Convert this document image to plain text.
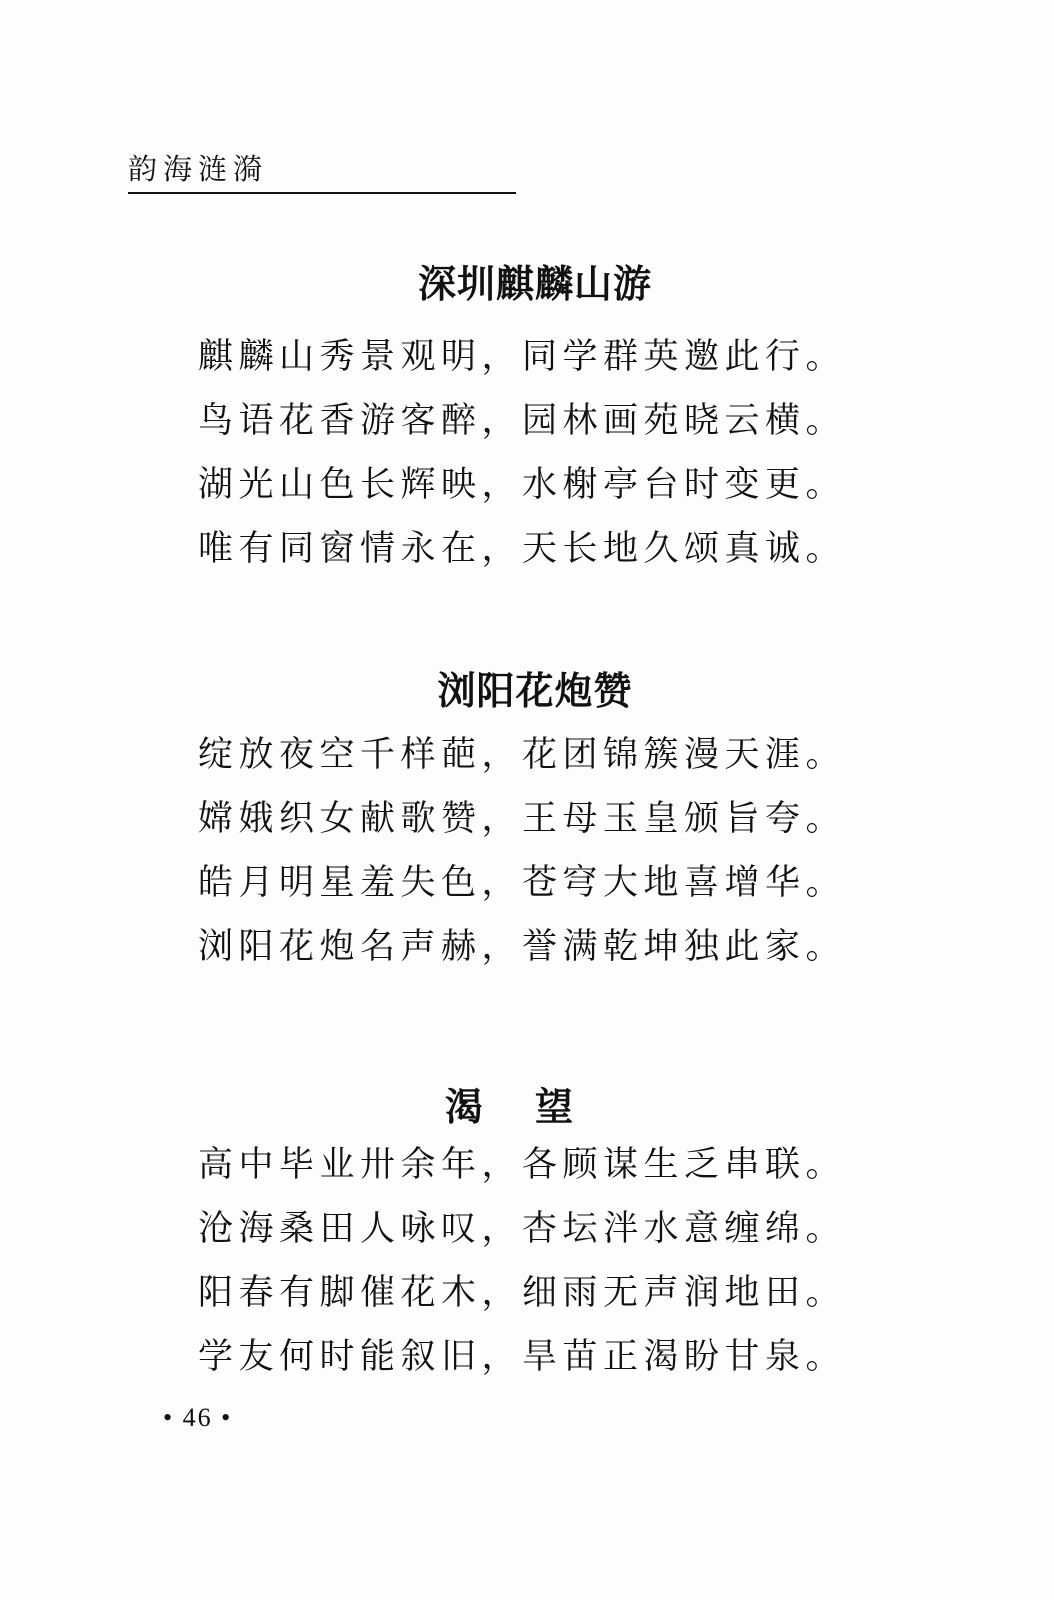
韵海涟漪
深圳麒麟山游
麒麟山秀景观明，同学群英邀此行。
鸟语花香游客醉，园林画苑晓云横。
湖光山色长辉映，水榭亭台时变更。
唯有同窗情永在，天长地久颂真诚。
浏阳花炮赞
绽放夜空千样葩，花团锦簇漫天涯。
嫦娥织女献歌赞，王母玉皇颁旨夸。
皓月明星羞失色，苍穹大地喜增华。
浏阳花炮名声赫，誉满乾坤独此家。
渴望
高中毕业卅余年，各顾谋生乏串联。
沧海桑田人咏叹，杏坛泮水意缠绵。
阳春有脚催花木，细雨无声润地田。
学友何时能叙旧，旱苗正渴盼甘泉。
• 46 •
